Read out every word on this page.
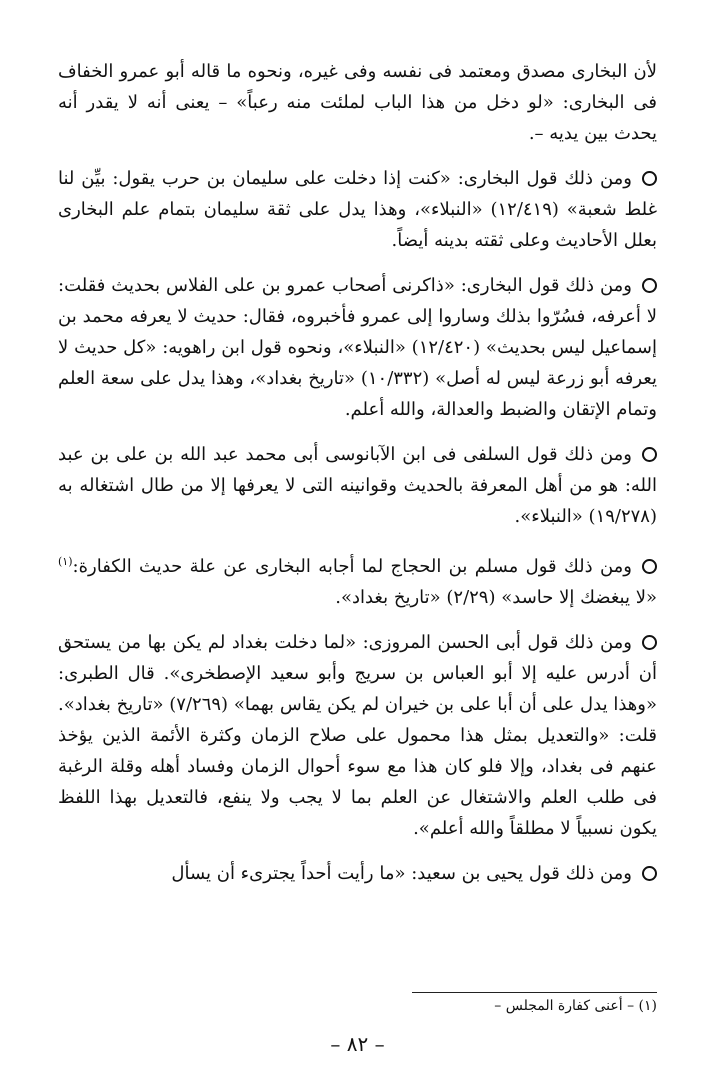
لأن البخارى مصدق ومعتمد فى نفسه وفى غيره، ونحوه ما قاله أبو عمرو الخفاف فى البخارى: «لو دخل من هذا الباب لملئت منه رعباً» – يعنى أنه لا يقدر أنه يحدث بين يديه –.

ومن ذلك قول البخارى: «كنت إذا دخلت على سليمان بن حرب يقول: بيِّن لنا غلط شعبة» (١٢/٤١٩) «النبلاء»، وهذا يدل على ثقة سليمان بتمام علم البخارى بعلل الأحاديث وعلى ثقته بدينه أيضاً.

ومن ذلك قول البخارى: «ذاكرنى أصحاب عمرو بن على الفلاس بحديث فقلت: لا أعرفه، فسُرّوا بذلك وساروا إلى عمرو فأخبروه، فقال: حديث لا يعرفه محمد بن إسماعيل ليس بحديث» (١٢/٤٢٠) «النبلاء»، ونحوه قول ابن راهويه: «كل حديث لا يعرفه أبو زرعة ليس له أصل» (١٠/٣٣٢) «تاريخ بغداد»، وهذا يدل على سعة العلم وتمام الإتقان والضبط والعدالة، والله أعلم.

ومن ذلك قول السلفى فى ابن الآبانوسى أبى محمد عبد الله بن على بن عبد الله: هو من أهل المعرفة بالحديث وقوانينه التى لا يعرفها إلا من طال اشتغاله به (١٩/٢٧٨) «النبلاء».

ومن ذلك قول مسلم بن الحجاج لما أجابه البخارى عن علة حديث الكفارة:$^{(١)}$ «لا يبغضك إلا حاسد» (٢/٢٩) «تاريخ بغداد».

ومن ذلك قول أبى الحسن المروزى: «لما دخلت بغداد لم يكن بها من يستحق أن أدرس عليه إلا أبو العباس بن سريج وأبو سعيد الإصطخرى». قال الطبرى: «وهذا يدل على أن أبا على بن خيران لم يكن يقاس بهما» (٧/٢٦٩) «تاريخ بغداد». قلت: «والتعديل بمثل هذا محمول على صلاح الزمان وكثرة الأئمة الذين يؤخذ عنهم فى بغداد، وإلا فلو كان هذا مع سوء أحوال الزمان وفساد أهله وقلة الرغبة فى طلب العلم والاشتغال عن العلم بما لا يجب ولا ينفع، فالتعديل بهذا اللفظ يكون نسبياً لا مطلقاً والله أعلم».

ومن ذلك قول يحيى بن سعيد: «ما رأيت أحداً يجترىء أن يسأل

(١) – أعنى كفارة المجلس –
– ٨٢ –
